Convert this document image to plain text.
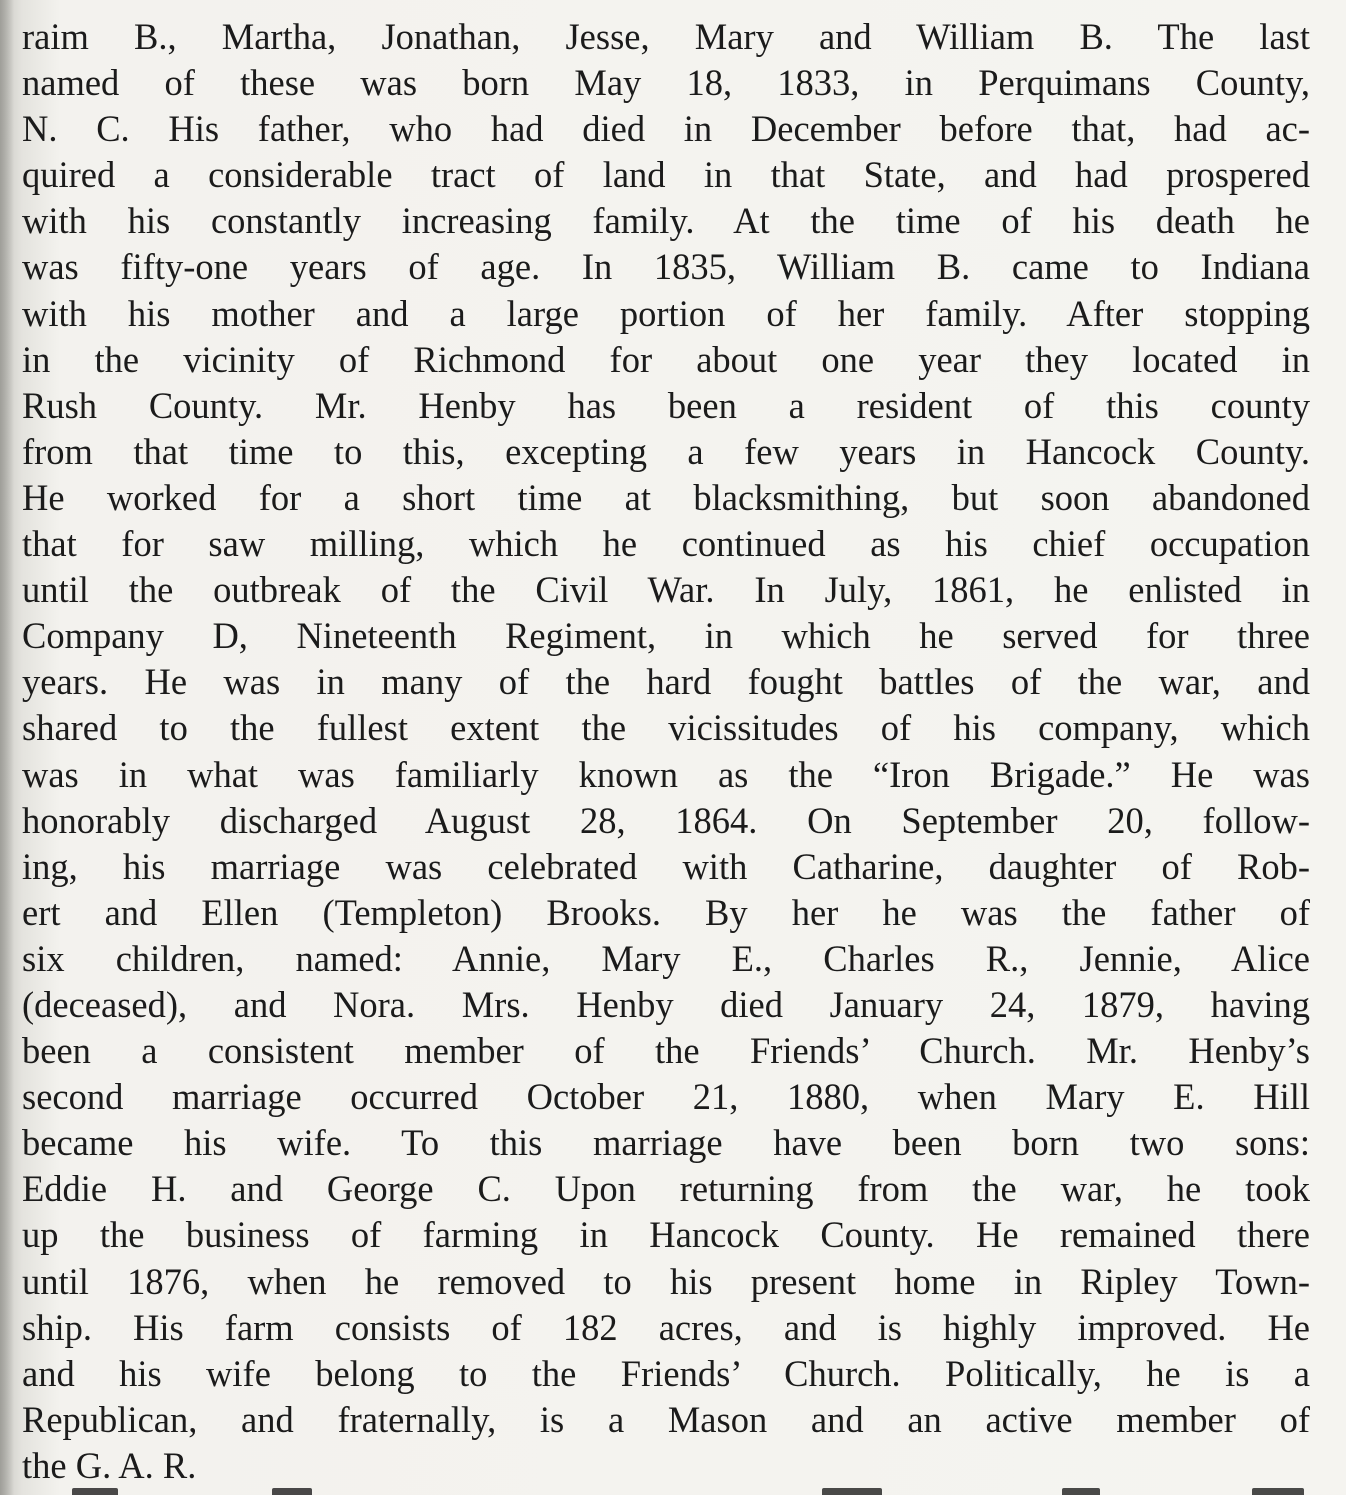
raim B., Martha, Jonathan, Jesse, Mary and William B. The last
named of these was born May 18, 1833, in Perquimans County,
N. C. His father, who had died in December before that, had ac-
quired a considerable tract of land in that State, and had prospered
with his constantly increasing family. At the time of his death he
was fifty-one years of age. In 1835, William B. came to Indiana
with his mother and a large portion of her family. After stopping
in the vicinity of Richmond for about one year they located in
Rush County. Mr. Henby has been a resident of this county
from that time to this, excepting a few years in Hancock County.
He worked for a short time at blacksmithing, but soon abandoned
that for saw milling, which he continued as his chief occupation
until the outbreak of the Civil War. In July, 1861, he enlisted in
Company D, Nineteenth Regiment, in which he served for three
years. He was in many of the hard fought battles of the war, and
shared to the fullest extent the vicissitudes of his company, which
was in what was familiarly known as the “Iron Brigade.” He was
honorably discharged August 28, 1864. On September 20, follow-
ing, his marriage was celebrated with Catharine, daughter of Rob-
ert and Ellen (Templeton) Brooks. By her he was the father of
six children, named: Annie, Mary E., Charles R., Jennie, Alice
(deceased), and Nora. Mrs. Henby died January 24, 1879, having
been a consistent member of the Friends’ Church. Mr. Henby’s
second marriage occurred October 21, 1880, when Mary E. Hill
became his wife. To this marriage have been born two sons:
Eddie H. and George C. Upon returning from the war, he took
up the business of farming in Hancock County. He remained there
until 1876, when he removed to his present home in Ripley Town-
ship. His farm consists of 182 acres, and is highly improved. He
and his wife belong to the Friends’ Church. Politically, he is a
Republican, and fraternally, is a Mason and an active member of
the G. A. R.
